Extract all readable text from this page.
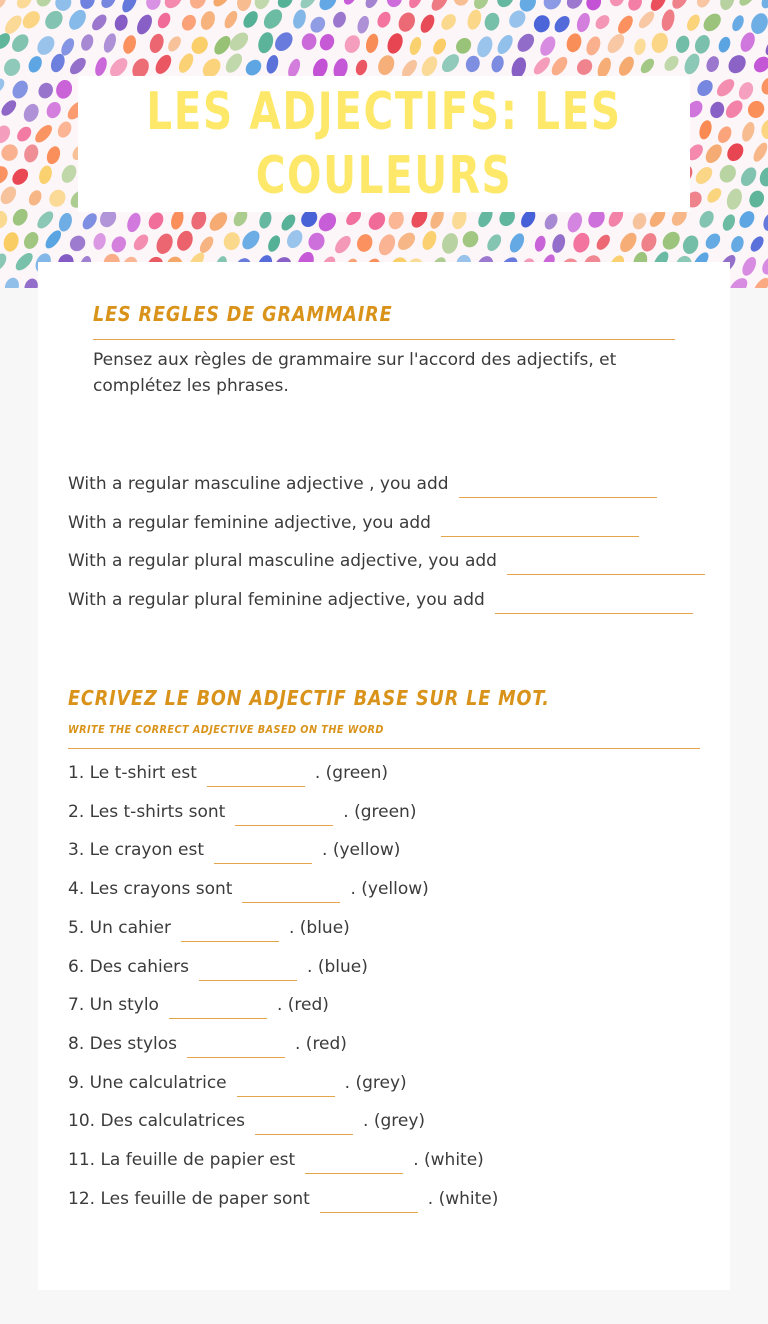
LES ADJECTIFS: LES COULEURS
LES REGLES DE GRAMMAIRE
Pensez aux règles de grammaire sur l'accord des adjectifs, et complétez les phrases.
With a regular masculine adjective , you add
With a regular feminine adjective, you add
With a regular plural masculine adjective, you add
With a regular plural feminine adjective, you add
ECRIVEZ LE BON ADJECTIF BASE SUR LE MOT.
WRITE THE CORRECT ADJECTIVE BASED ON THE WORD
1. Le t-shirt est	. (green)
2. Les t-shirts sont	. (green)
3. Le crayon est	. (yellow)
4. Les crayons sont	. (yellow)
5. Un cahier	. (blue)
6. Des cahiers	. (blue)
7. Un stylo	. (red)
8. Des stylos	. (red)
9. Une calculatrice	. (grey)
10. Des calculatrices	. (grey)
11. La feuille de papier est	. (white)
12. Les feuille de paper sont	. (white)
